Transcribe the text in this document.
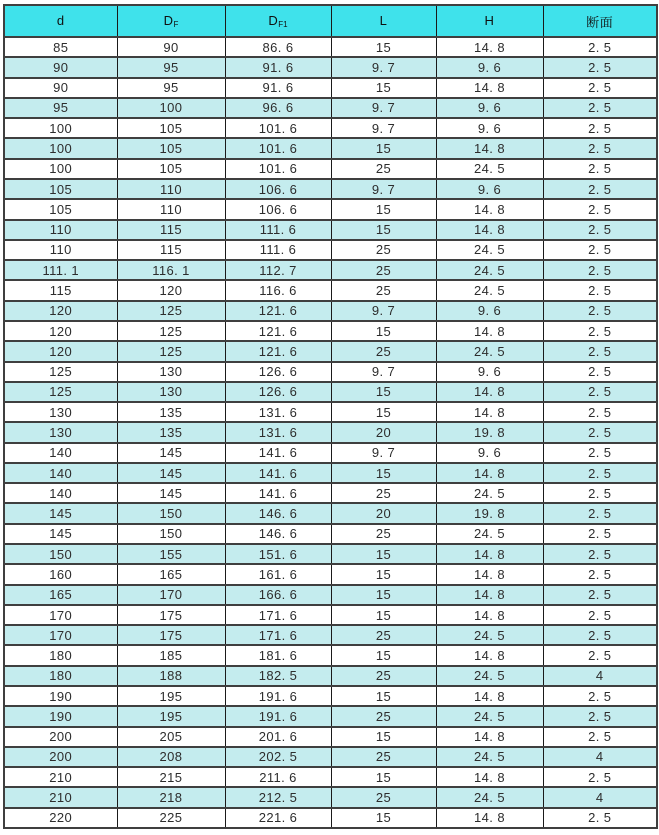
d	$D_F$	$D_{F1}$	L	H	断面
85	90	86. 6	15	14. 8	2. 5
90	95	91. 6	9. 7	9. 6	2. 5
90	95	91. 6	15	14. 8	2. 5
95	100	96. 6	9. 7	9. 6	2. 5
100	105	101. 6	9. 7	9. 6	2. 5
100	105	101. 6	15	14. 8	2. 5
100	105	101. 6	25	24. 5	2. 5
105	110	106. 6	9. 7	9. 6	2. 5
105	110	106. 6	15	14. 8	2. 5
110	115	111. 6	15	14. 8	2. 5
110	115	111. 6	25	24. 5	2. 5
111. 1	116. 1	112. 7	25	24. 5	2. 5
115	120	116. 6	25	24. 5	2. 5
120	125	121. 6	9. 7	9. 6	2. 5
120	125	121. 6	15	14. 8	2. 5
120	125	121. 6	25	24. 5	2. 5
125	130	126. 6	9. 7	9. 6	2. 5
125	130	126. 6	15	14. 8	2. 5
130	135	131. 6	15	14. 8	2. 5
130	135	131. 6	20	19. 8	2. 5
140	145	141. 6	9. 7	9. 6	2. 5
140	145	141. 6	15	14. 8	2. 5
140	145	141. 6	25	24. 5	2. 5
145	150	146. 6	20	19. 8	2. 5
145	150	146. 6	25	24. 5	2. 5
150	155	151. 6	15	14. 8	2. 5
160	165	161. 6	15	14. 8	2. 5
165	170	166. 6	15	14. 8	2. 5
170	175	171. 6	15	14. 8	2. 5
170	175	171. 6	25	24. 5	2. 5
180	185	181. 6	15	14. 8	2. 5
180	188	182. 5	25	24. 5	4
190	195	191. 6	15	14. 8	2. 5
190	195	191. 6	25	24. 5	2. 5
200	205	201. 6	15	14. 8	2. 5
200	208	202. 5	25	24. 5	4
210	215	211. 6	15	14. 8	2. 5
210	218	212. 5	25	24. 5	4
220	225	221. 6	15	14. 8	2. 5
